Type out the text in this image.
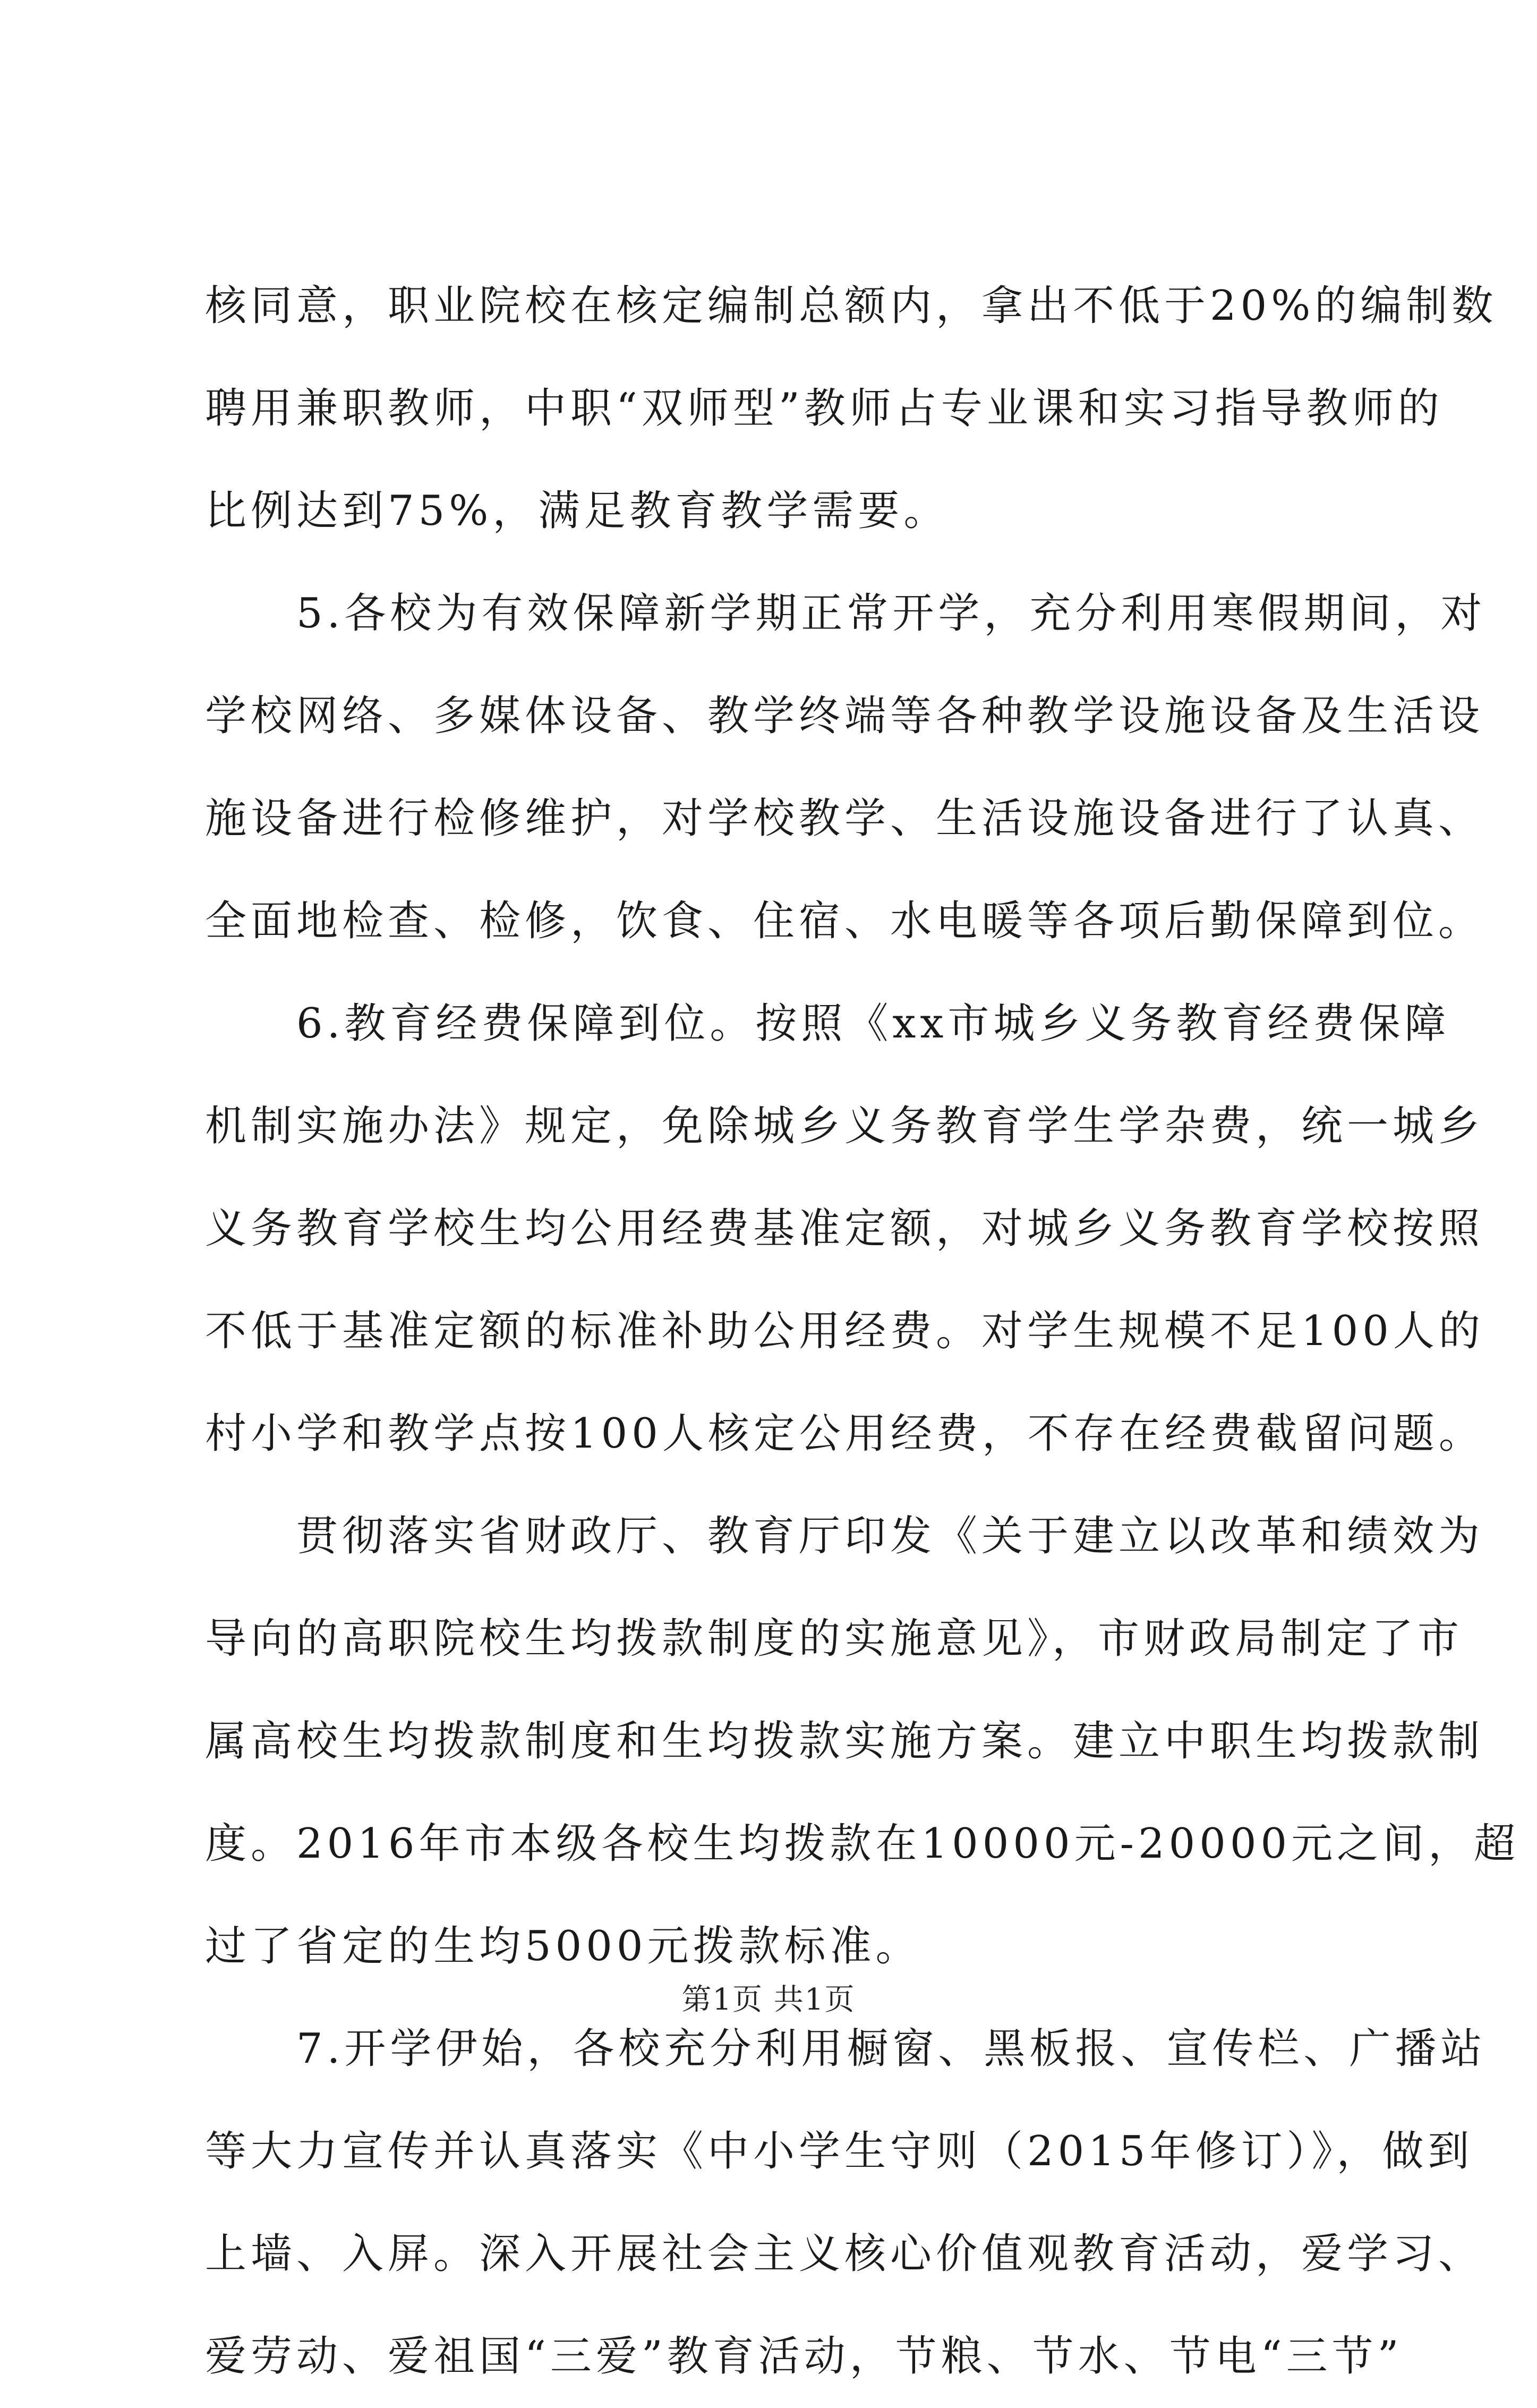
核同意，职业院校在核定编制总额内，拿出不低于20%的编制数
聘用兼职教师，中职“双师型”教师占专业课和实习指导教师的
比例达到75%，满足教育教学需要。
5.各校为有效保障新学期正常开学，充分利用寒假期间，对
学校网络、多媒体设备、教学终端等各种教学设施设备及生活设
施设备进行检修维护，对学校教学、生活设施设备进行了认真、
全面地检查、检修，饮食、住宿、水电暖等各项后勤保障到位。
6.教育经费保障到位。按照《xx市城乡义务教育经费保障
机制实施办法》规定，免除城乡义务教育学生学杂费，统一城乡
义务教育学校生均公用经费基准定额，对城乡义务教育学校按照
不低于基准定额的标准补助公用经费。对学生规模不足100人的
村小学和教学点按100人核定公用经费，不存在经费截留问题。
贯彻落实省财政厅、教育厅印发《关于建立以改革和绩效为
导向的高职院校生均拨款制度的实施意见》，市财政局制定了市
属高校生均拨款制度和生均拨款实施方案。建立中职生均拨款制
度。2016年市本级各校生均拨款在10000元-20000元之间，超
过了省定的生均5000元拨款标准。
7.开学伊始，各校充分利用橱窗、黑板报、宣传栏、广播站
等大力宣传并认真落实《中小学生守则（2015年修订）》，做到
上墙、入屏。深入开展社会主义核心价值观教育活动，爱学习、
爱劳动、爱祖国“三爱”教育活动，节粮、节水、节电“三节”
第1页 共1页
